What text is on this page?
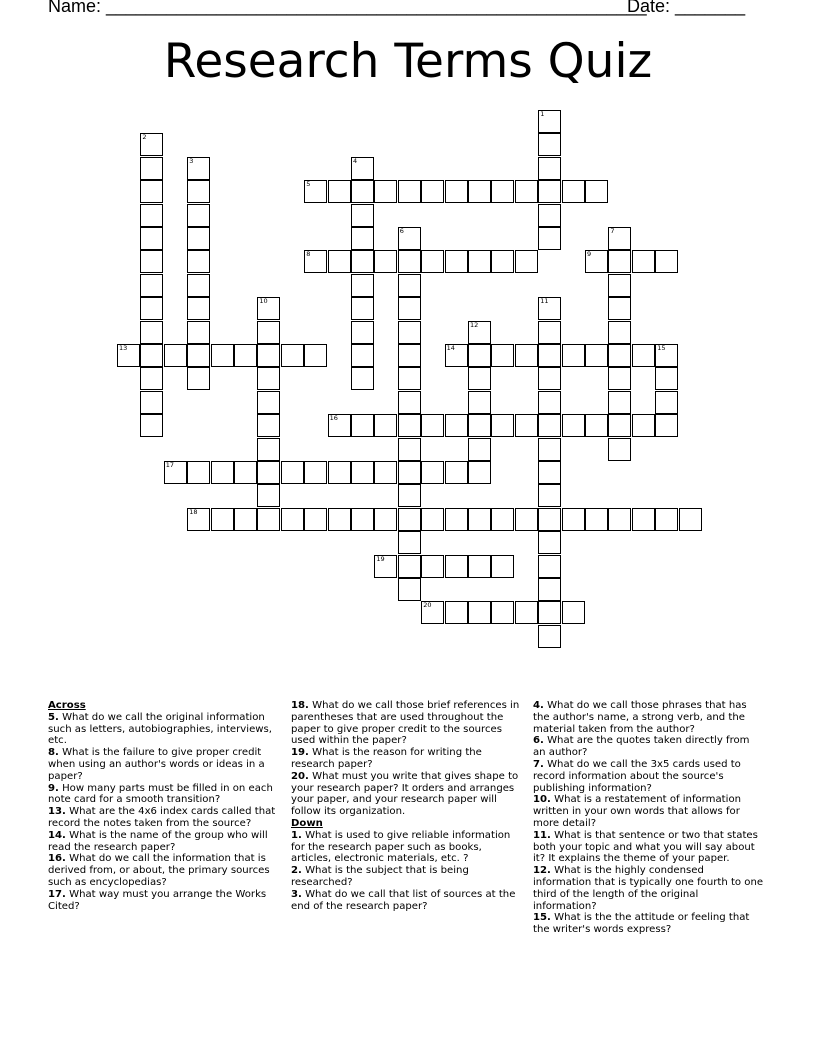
Name: ______________________________________________________
Date: _______
Research Terms Quiz
1
2
3	4
5
6	7
8	9
10	11
12
13	14	15
16
17
18
19
20

Across

5. What do we call the original information such as letters, autobiographies, interviews, etc.

8. What is the failure to give proper credit when using an author's words or ideas in a paper?

9. How many parts must be filled in on each note card for a smooth transition?

13. What are the 4x6 index cards called that record the notes taken from the source?

14. What is the name of the group who will read the research paper?

16. What do we call the information that is derived from, or about, the primary sources such as encyclopedias?

17. What way must you arrange the Works Cited?

18. What do we call those brief references in parentheses that are used throughout the paper to give proper credit to the sources used within the paper?

19. What is the reason for writing the research paper?

20. What must you write that gives shape to your research paper? It orders and arranges your paper, and your research paper will follow its organization.

Down

1. What is used to give reliable information for the research paper such as books, articles, electronic materials, etc. ?

2. What is the subject that is being researched?

3. What do we call that list of sources at the end of the research paper?

4. What do we call those phrases that has the author's name, a strong verb, and the material taken from the author?

6. What are the quotes taken directly from an author?

7. What do we call the 3x5 cards used to record information about the source's publishing information?

10. What is a restatement of information written in your own words that allows for more detail?

11. What is that sentence or two that states both your topic and what you will say about it? It explains the theme of your paper.

12. What is the highly condensed information that is typically one fourth to one third of the length of the original information?

15. What is the the attitude or feeling that the writer's words express?
